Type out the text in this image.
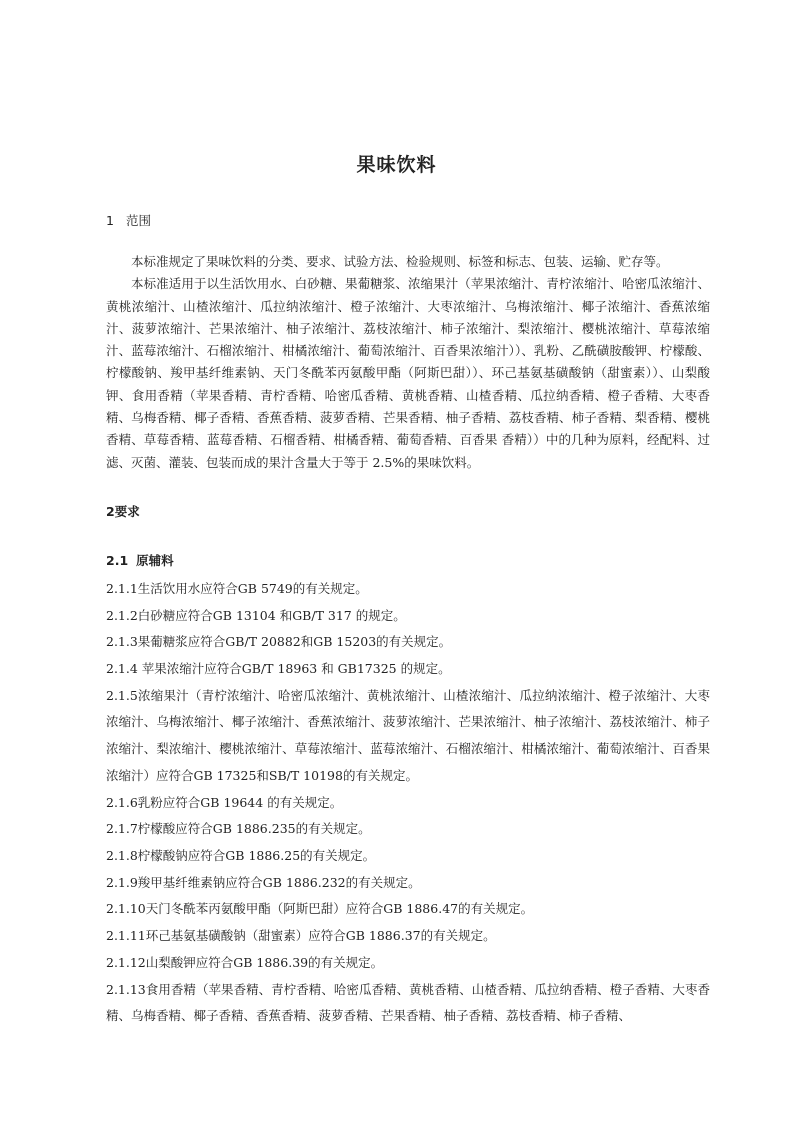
果味饮料
1 范围

本标准规定了果味饮料的分类、要求、试验方法、检验规则、标签和标志、包装、运输、贮存等。

本标准适用于以生活饮用水、白砂糖、果葡糖浆、浓缩果汁（苹果浓缩汁、青柠浓缩汁、哈密瓜浓缩汁、黄桃浓缩汁、山楂浓缩汁、瓜拉纳浓缩汁、橙子浓缩汁、大枣浓缩汁、乌梅浓缩汁、椰子浓缩汁、香蕉浓缩汁、菠萝浓缩汁、芒果浓缩汁、柚子浓缩汁、荔枝浓缩汁、柿子浓缩汁、梨浓缩汁、樱桃浓缩汁、草莓浓缩汁、蓝莓浓缩汁、石榴浓缩汁、柑橘浓缩汁、葡萄浓缩汁、百香果浓缩汁））、乳粉、乙酰磺胺酸钾、柠檬酸、柠檬酸钠、羧甲基纤维素钠、天门冬酰苯丙氨酸甲酯（阿斯巴甜））、环己基氨基磺酸钠（甜蜜素））、山梨酸钾、食用香精（苹果香精、青柠香精、哈密瓜香精、黄桃香精、山楂香精、瓜拉纳香精、橙子香精、大枣香精、乌梅香精、椰子香精、香蕉香精、菠萝香精、芒果香精、柚子香精、荔枝香精、柿子香精、梨香精、樱桃香精、草莓香精、蓝莓香精、石榴香精、柑橘香精、葡萄香精、百香果 香精））中的几种为原料，经配料、过滤、灭菌、灌装、包装而成的果汁含量大于等于 2.5%的果味饮料。

2要求
2.1 原辅料

2.1.1生活饮用水应符合GB 5749的有关规定。

2.1.2白砂糖应符合GB 13104 和GB/T 317 的规定。

2.1.3果葡糖浆应符合GB/T 20882和GB 15203的有关规定。

2.1.4 苹果浓缩汁应符合GB/T 18963 和 GB17325 的规定。

2.1.5浓缩果汁（青柠浓缩汁、哈密瓜浓缩汁、黄桃浓缩汁、山楂浓缩汁、瓜拉纳浓缩汁、橙子浓缩汁、大枣浓缩汁、乌梅浓缩汁、椰子浓缩汁、香蕉浓缩汁、菠萝浓缩汁、芒果浓缩汁、柚子浓缩汁、荔枝浓缩汁、柿子浓缩汁、梨浓缩汁、樱桃浓缩汁、草莓浓缩汁、蓝莓浓缩汁、石榴浓缩汁、柑橘浓缩汁、葡萄浓缩汁、百香果浓缩汁）应符合GB 17325和SB/T 10198的有关规定。

2.1.6乳粉应符合GB 19644 的有关规定。

2.1.7柠檬酸应符合GB 1886.235的有关规定。

2.1.8柠檬酸钠应符合GB 1886.25的有关规定。

2.1.9羧甲基纤维素钠应符合GB 1886.232的有关规定。

2.1.10天门冬酰苯丙氨酸甲酯（阿斯巴甜）应符合GB 1886.47的有关规定。

2.1.11环己基氨基磺酸钠（甜蜜素）应符合GB 1886.37的有关规定。

2.1.12山梨酸钾应符合GB 1886.39的有关规定。

2.1.13食用香精（苹果香精、青柠香精、哈密瓜香精、黄桃香精、山楂香精、瓜拉纳香精、橙子香精、大枣香精、乌梅香精、椰子香精、香蕉香精、菠萝香精、芒果香精、柚子香精、荔枝香精、柿子香精、
